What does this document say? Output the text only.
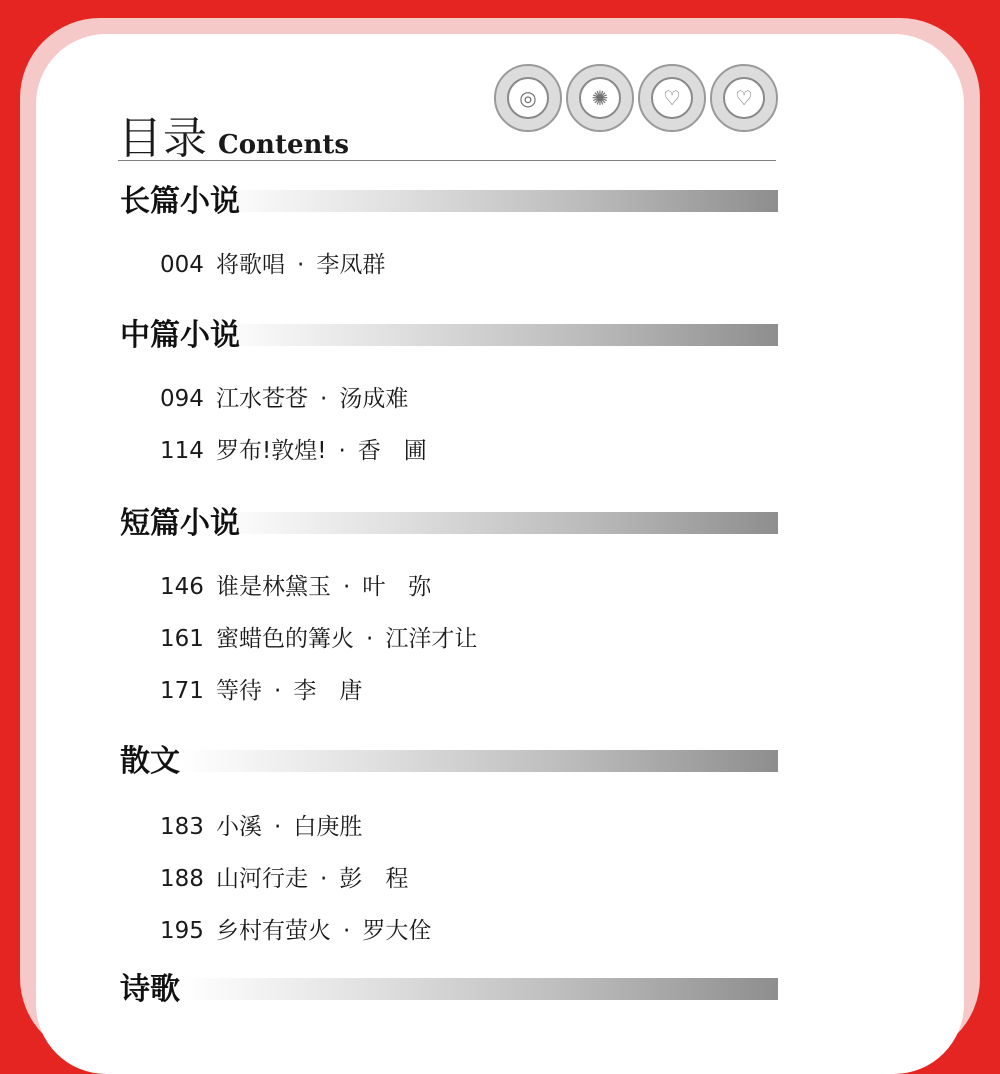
◎	✺	♡	♡
目录 Contents
长篇小说
004 将歌唱 · 李凤群
中篇小说
094 江水苍苍 · 汤成难
114 罗布!敦煌! · 香　圃
短篇小说
146 谁是林黛玉 · 叶　弥
161 蜜蜡色的篝火 · 江洋才让
171 等待 · 李　唐
散文
183 小溪 · 白庚胜
188 山河行走 · 彭　程
195 乡村有萤火 · 罗大佺
诗歌
